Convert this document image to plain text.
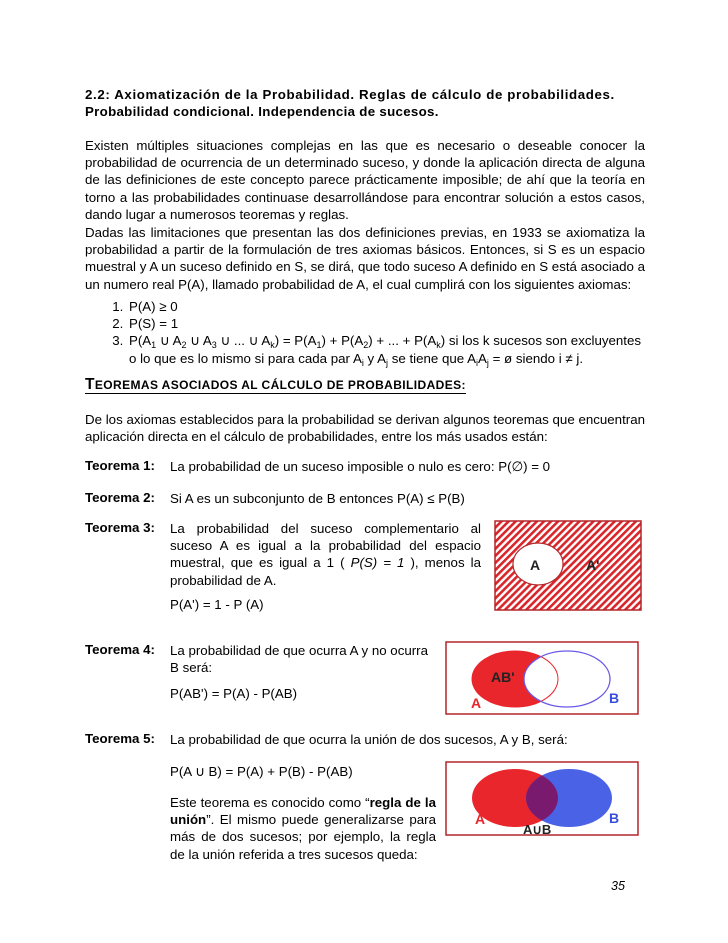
2.2: Axiomatización de la Probabilidad. Reglas de cálculo de probabilidades.
Probabilidad condicional. Independencia de sucesos.
Existen múltiples situaciones complejas en las que es necesario o deseable conocer la probabilidad de ocurrencia de un determinado suceso, y donde la aplicación directa de alguna de las definiciones de este concepto parece prácticamente imposible; de ahí que la teoría en torno a las probabilidades continuase desarrollándose para encontrar solución a estos casos, dando lugar a numerosos teoremas y reglas.
Dadas las limitaciones que presentan las dos definiciones previas, en 1933 se axiomatiza la probabilidad a partir de la formulación de tres axiomas básicos. Entonces, si S es un espacio muestral y A un suceso definido en S, se dirá, que todo suceso A definido en S está asociado a un numero real P(A), llamado probabilidad de A, el cual cumplirá con los siguientes axiomas:
1. P(A) ≥ 0
2. P(S) = 1
3. $P(A_1$ ∪ $A_2$ ∪ $A_3$ ∪ ... ∪ $A_k) = P(A_1) + P(A_2)$ + ... + $P(A_k)$ si los k sucesos son excluyentes
o lo que es lo mismo si para cada par $A_i$ y $A_j$ se tiene que $A_iA_j$ = ø siendo i ≠ j.
TEOREMAS ASOCIADOS AL CÁLCULO DE PROBABILIDADES:
De los axiomas establecidos para la probabilidad se derivan algunos teoremas que encuentran aplicación directa en el cálculo de probabilidades, entre los más usados están:
Teorema 1: La probabilidad de un suceso imposible o nulo es cero: P(∅) = 0
Teorema 2: Si A es un subconjunto de B entonces P(A) ≤ P(B)
Teorema 3: La probabilidad del suceso complementario al suceso A es igual a la probabilidad del espacio muestral, que es igual a 1 ( P(S) = 1 ), menos la probabilidad de A.
P(A') = 1 - P (A)
A	A'
Teorema 4: La probabilidad de que ocurra A y no ocurra B será:
P(AB') = P(A) - P(AB)
AB'
A	B
Teorema 5: La probabilidad de que ocurra la unión de dos sucesos, A y B, será:
P(A ∪ B) = P(A) + P(B) - P(AB)
Este teorema es conocido como “regla de la unión”. El mismo puede generalizarse para más de dos sucesos; por ejemplo, la regla de la unión referida a tres sucesos queda:
A	B
A∪B
35
